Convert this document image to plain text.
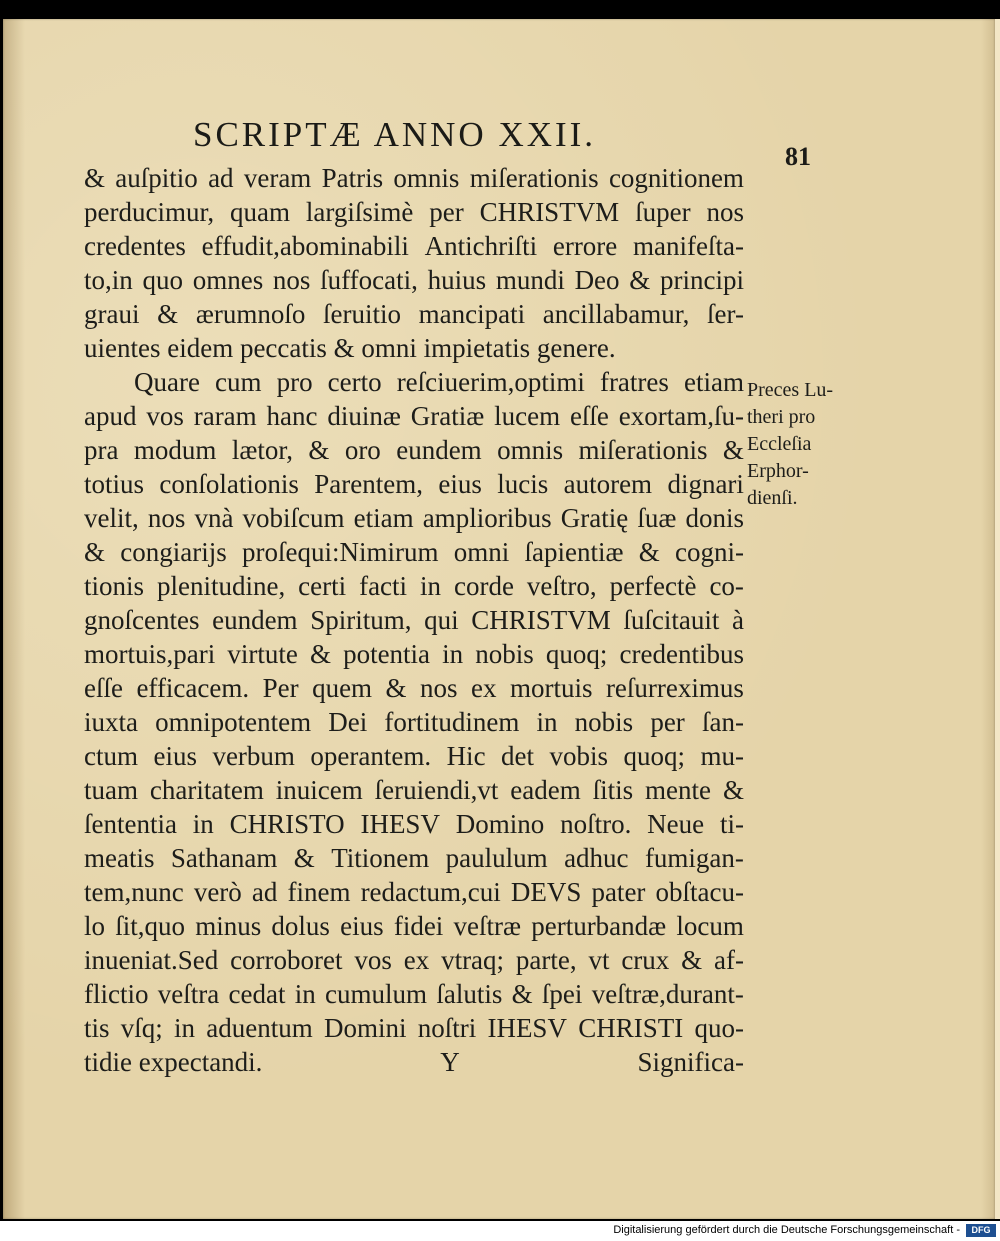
SCRIPTÆ ANNO XXII.
81
& auſpitio ad veram Patris omnis miſerationis cognitionem
perducimur, quam largiſsimè per CHRISTVM ſuper nos
credentes effudit,abominabili Antichriſti errore manifeſta-
to,in quo omnes nos ſuffocati, huius mundi Deo & principi
graui & ærumnoſo ſeruitio mancipati ancillabamur, ſer-
uientes eidem peccatis & omni impietatis genere.
Quare cum pro certo reſciuerim,optimi fratres etiam
apud vos raram hanc diuinæ Gratiæ lucem eſſe exortam,ſu-
pra modum lætor, & oro eundem omnis miſerationis &
totius conſolationis Parentem, eius lucis autorem dignari
velit, nos vnà vobiſcum etiam amplioribus Gratię ſuæ donis
& congiarijs proſequi:Nimirum omni ſapientiæ & cogni-
tionis plenitudine, certi facti in corde veſtro, perfectè co-
gnoſcentes eundem Spiritum, qui CHRISTVM ſuſcitauit à
mortuis,pari virtute & potentia in nobis quoq; credentibus
eſſe efficacem. Per quem & nos ex mortuis reſurreximus
iuxta omnipotentem Dei fortitudinem in nobis per ſan-
ctum eius verbum operantem. Hic det vobis quoq; mu-
tuam charitatem inuicem ſeruiendi,vt eadem ſitis mente &
ſententia in CHRISTO IHESV Domino noſtro. Neue ti-
meatis Sathanam & Titionem paululum adhuc fumigan-
tem,nunc verò ad finem redactum,cui DEVS pater obſtacu-
lo ſit,quo minus dolus eius fidei veſtræ perturbandæ locum
inueniat.Sed corroboret vos ex vtraq; parte, vt crux & af-
flictio veſtra cedat in cumulum ſalutis & ſpei veſtræ,durant-
tis vſq; in aduentum Domini noſtri IHESV CHRISTI quo-
tidie expectandi.	Y	Significa-
Preces Lu-
theri pro
Eccleſia
Erphor-
dienſi.
Digitalisierung gefördert durch die Deutsche Forschungsgemeinschaft -	DFG
